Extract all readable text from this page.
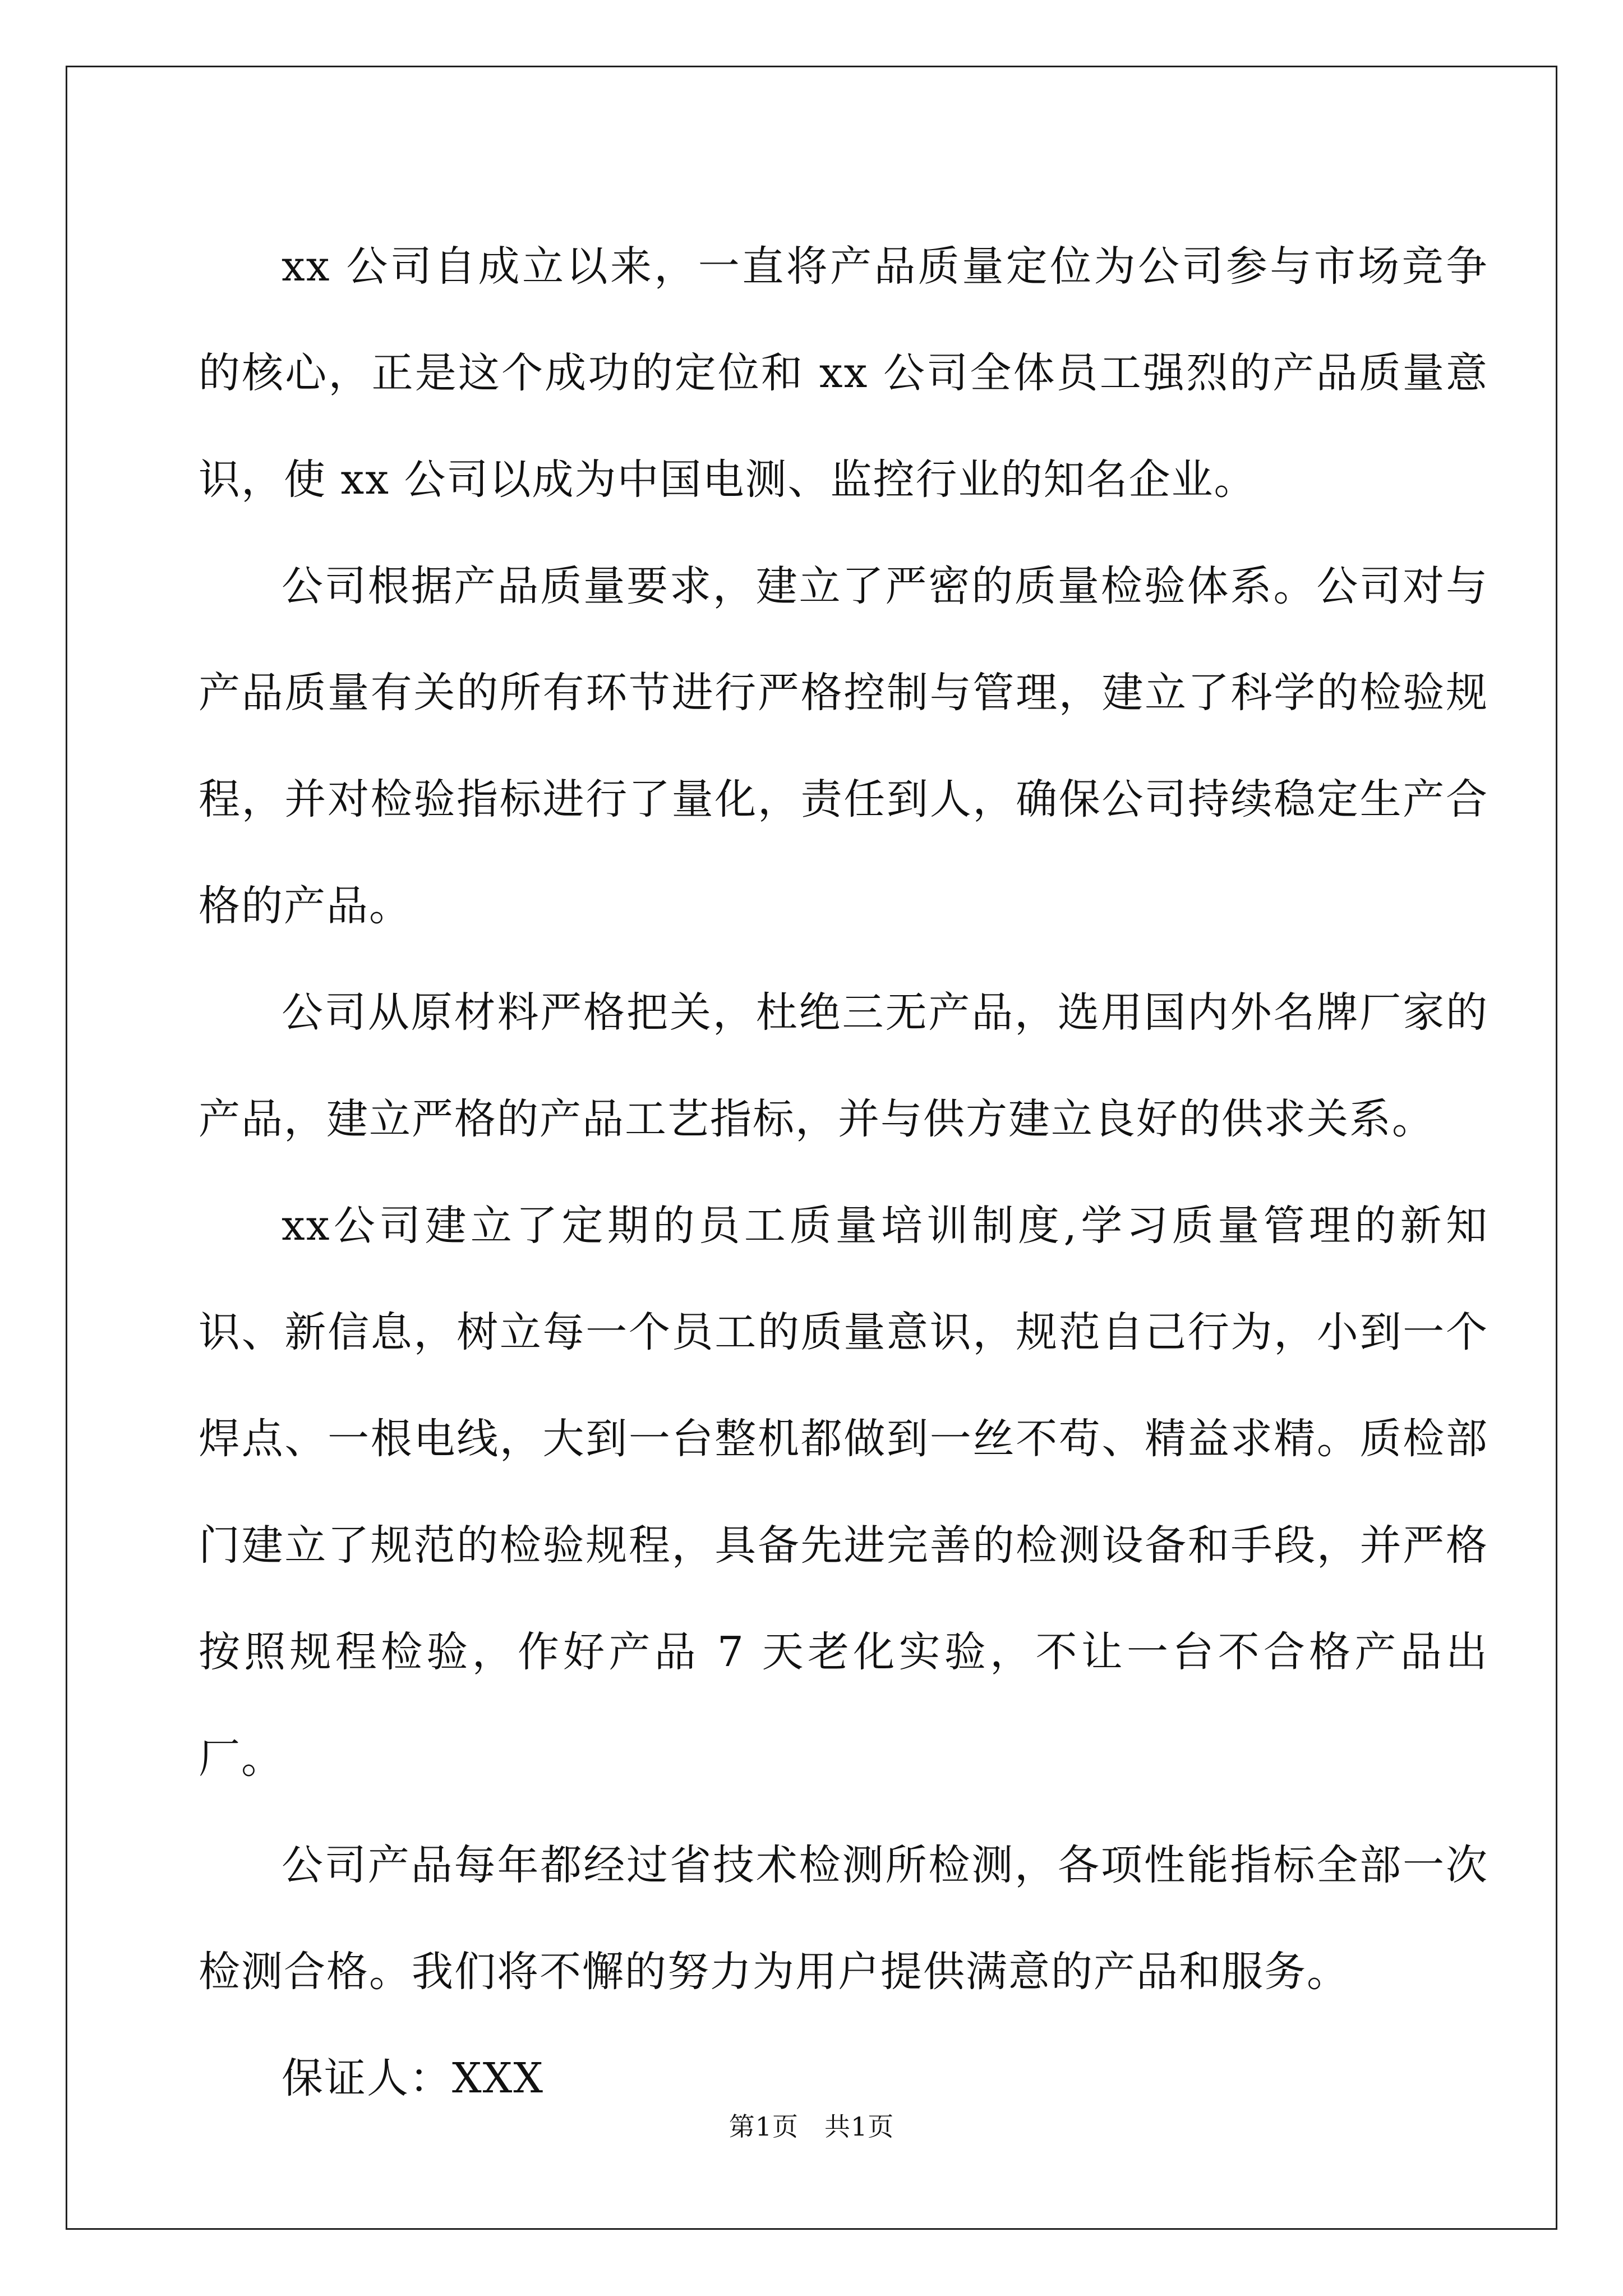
xx 公司自成立以来，一直将产品质量定位为公司参与市场竞争的核心，正是这个成功的定位和 xx 公司全体员工强烈的产品质量意识，使 xx 公司以成为中国电测、监控行业的知名企业。

公司根据产品质量要求，建立了严密的质量检验体系。公司对与产品质量有关的所有环节进行严格控制与管理，建立了科学的检验规程，并对检验指标进行了量化，责任到人，确保公司持续稳定生产合格的产品。

公司从原材料严格把关，杜绝三无产品，选用国内外名牌厂家的产品，建立严格的产品工艺指标，并与供方建立良好的供求关系。

xx公司建立了定期的员工质量培训制度,学习质量管理的新知识、新信息，树立每一个员工的质量意识，规范自己行为，小到一个焊点、一根电线，大到一台整机都做到一丝不苟、精益求精。质检部门建立了规范的检验规程，具备先进完善的检测设备和手段，并严格按照规程检验，作好产品 7 天老化实验，不让一台不合格产品出厂。

公司产品每年都经过省技术检测所检测，各项性能指标全部一次检测合格。我们将不懈的努力为用户提供满意的产品和服务。

保证人：XXX

第1页 共1页
